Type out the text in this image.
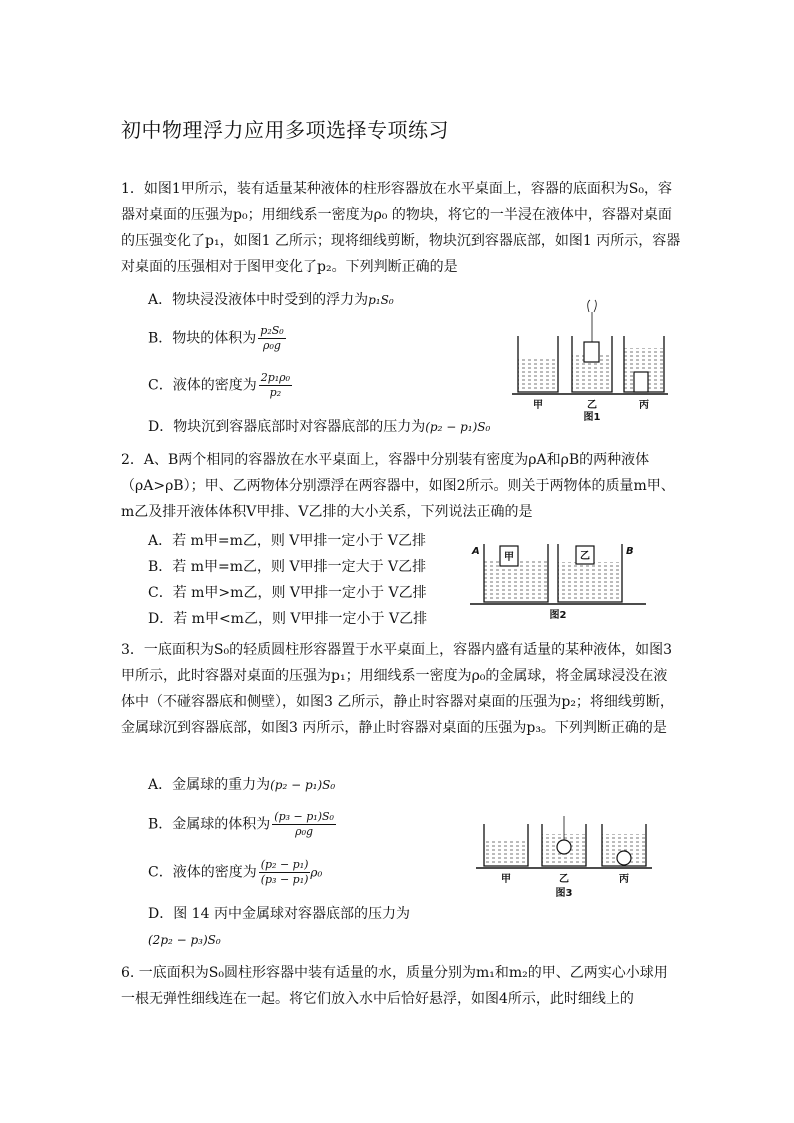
初中物理浮力应用多项选择专项练习
1．如图1甲所示，装有适量某种液体的柱形容器放在水平桌面上，容器的底面积为S₀，容器对桌面的压强为p₀；用细线系一密度为ρ₀ 的物块，将它的一半浸在液体中，容器对桌面的压强变化了p₁，如图1 乙所示；现将细线剪断，物块沉到容器底部，如图1 丙所示，容器对桌面的压强相对于图甲变化了p₂。下列判断正确的是
A．物块浸没液体中时受到的浮力为p₁S₀
B．物块的体积为 $\frac{\text{p₂S₀}}{\text{ρ₀g}}$
C．液体的密度为 $\frac{\text{2p₁ρ₀}}{\text{p₂}}$
D．物块沉到容器底部时对容器底部的压力为(p₂ − p₁)S₀
甲	乙	丙
图1
2．A、B两个相同的容器放在水平桌面上，容器中分别装有密度为ρA和ρB的两种液体（ρA>ρB）；甲、乙两物体分别漂浮在两容器中，如图2所示。则关于两物体的质量m甲、m乙及排开液体体积V甲排、V乙排的大小关系，下列说法正确的是
A．若 m甲=m乙，则 V甲排一定小于 V乙排
B．若 m甲=m乙，则 V甲排一定大于 V乙排
C．若 m甲>m乙，则 V甲排一定小于 V乙排
D．若 m甲<m乙，则 V甲排一定小于 V乙排
甲	乙
A	B
图2
3．一底面积为S₀的轻质圆柱形容器置于水平桌面上，容器内盛有适量的某种液体，如图3甲所示，此时容器对桌面的压强为p₁；用细线系一密度为ρ₀的金属球，将金属球浸没在液体中（不碰容器底和侧壁），如图3 乙所示，静止时容器对桌面的压强为p₂；将细线剪断，金属球沉到容器底部，如图3 丙所示，静止时容器对桌面的压强为p₃。下列判断正确的是
A．金属球的重力为(p₂ − p₁)S₀
B．金属球的体积为 $\frac{\text{(p₃ − p₁)S₀}}{\text{ρ₀g}}$
C．液体的密度为 $\frac{\text{(p₂ − p₁)}}{\text{(p₃ − p₁)}} \rho_0$
D．图 14 丙中金属球对容器底部的压力为
(2p₂ − p₃)S₀
甲	乙	丙
图3
6. 一底面积为S₀圆柱形容器中装有适量的水，质量分别为m₁和m₂的甲、乙两实心小球用一根无弹性细线连在一起。将它们放入水中后恰好悬浮，如图4所示，此时细线上的
